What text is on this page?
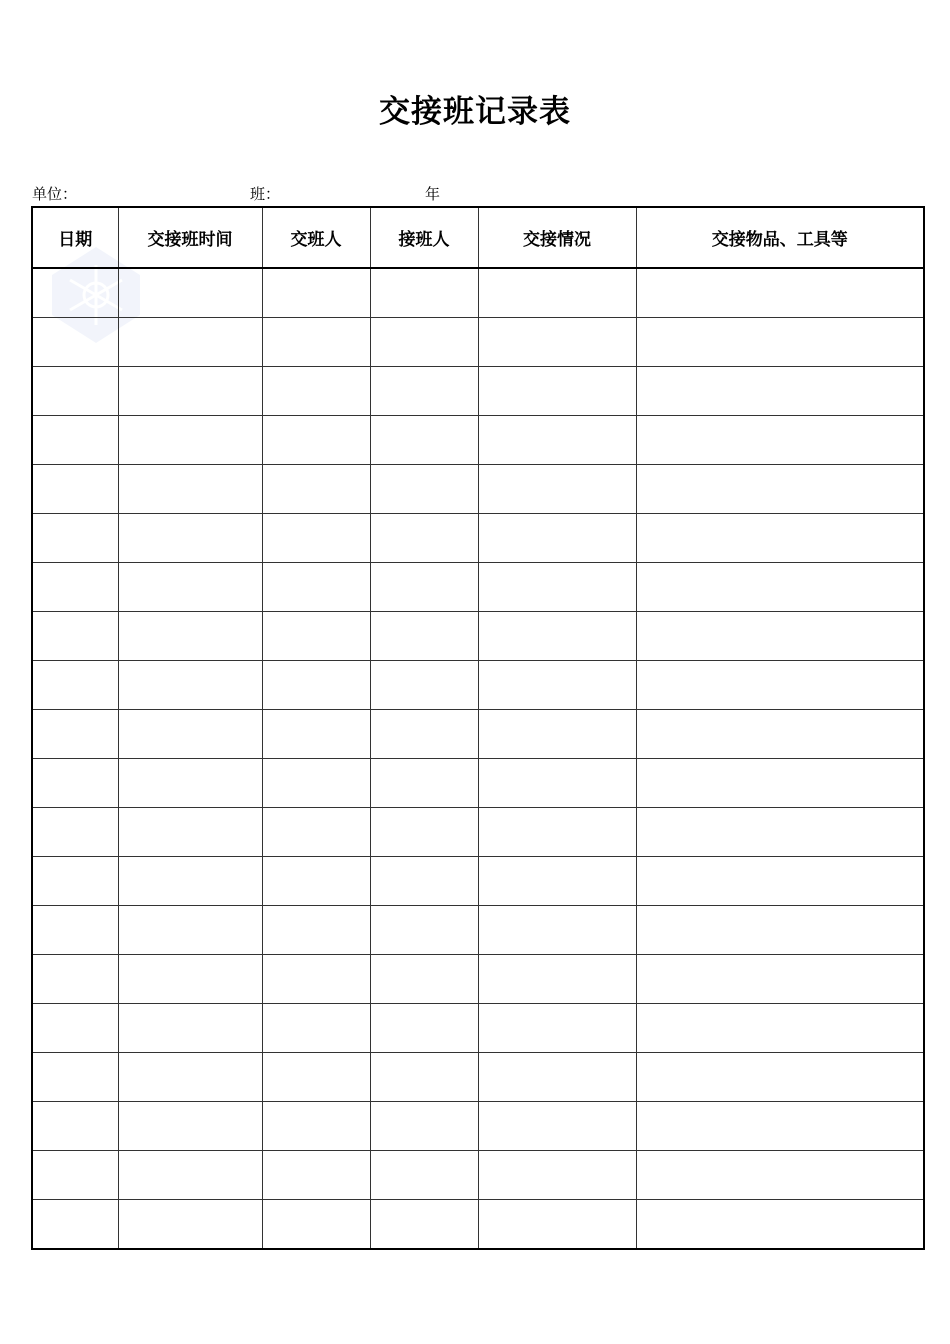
交接班记录表
单位：	班：	年
日期	交接班时间	交班人	接班人	交接情况	交接物品、工具等
